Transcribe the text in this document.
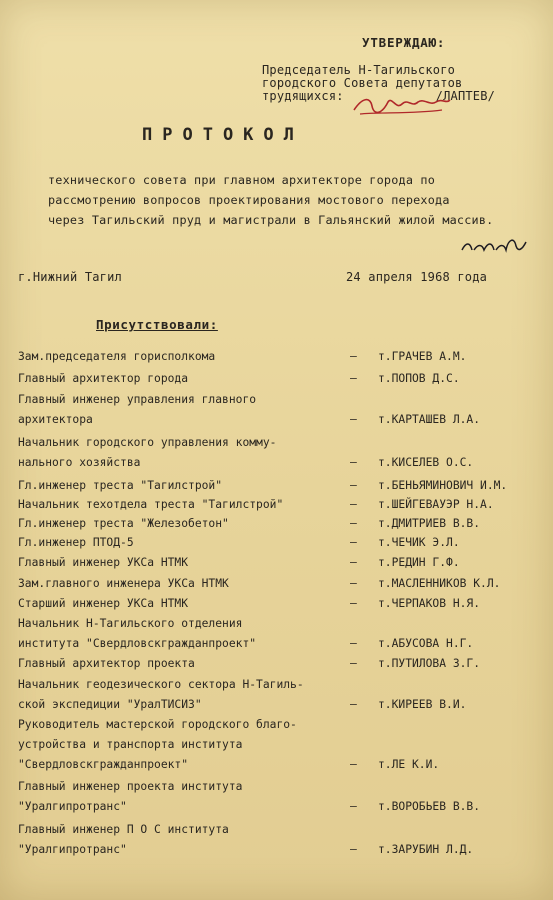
УТВЕРЖДАЮ:
Председатель Н-Тагильского
городского Совета депутатов
трудящихся:	/ЛАПТЕВ/
ПРОТОКОЛ
технического совета при главном архитекторе города по
рассмотрению вопросов проектирования мостового перехода
через Тагильский пруд и магистрали в Гальянский жилой массив.
г.Нижний Тагил	24 апреля 1968 года
Присутствовали:
Зам.председателя горисполкома	– т.ГРАЧЕВ А.М.
Главный архитектор города	– т.ПОПОВ Д.С.
Главный инженер управления главного
архитектора	– т.КАРТАШЕВ Л.А.
Начальник городского управления комму-
нального хозяйства	– т.КИСЕЛЕВ О.С.
Гл.инженер треста "Тагилстрой"	– т.БЕНЬЯМИНОВИЧ И.М.
Начальник техотдела треста "Тагилстрой"	– т.ШЕЙГЕВАУЭР Н.А.
Гл.инженер треста "Железобетон"	– т.ДМИТРИЕВ В.В.
Гл.инженер ПТОД-5	– т.ЧЕЧИК Э.Л.
Главный инженер УКСа НТМК	– т.РЕДИН Г.Ф.
Зам.главного инженера УКСа НТМК	– т.МАСЛЕННИКОВ К.Л.
Старший инженер УКСа НТМК	– т.ЧЕРПАКОВ Н.Я.
Начальник Н-Тагильского отделения
института "Свердловскгражданпроект"	– т.АБУСОВА Н.Г.
Главный архитектор проекта	– т.ПУТИЛОВА З.Г.
Начальник геодезического сектора Н-Тагиль-
ской экспедиции "УралТИСИЗ"	– т.КИРЕЕВ В.И.
Руководитель мастерской городского благо-
устройства и транспорта института
"Свердловскгражданпроект"	– т.ЛЕ К.И.
Главный инженер проекта института
"Уралгипротранс"	– т.ВОРОБЬЕВ В.В.
Главный инженер П О С института
"Уралгипротранс"	– т.ЗАРУБИН Л.Д.
